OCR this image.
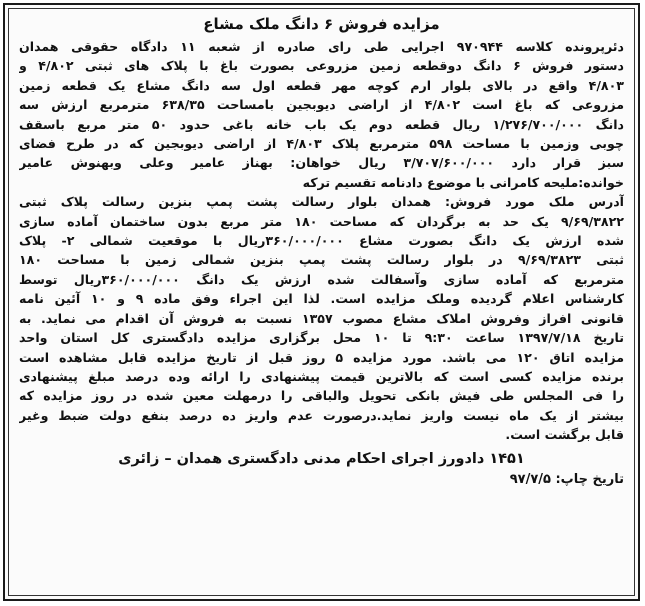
مزایده فروش ۶ دانگ ملک مشاع
دئرپرونده کلاسه ۹۷۰۹۴۴ اجرایی طی رای صادره از شعبه ۱۱ دادگاه حقوقی همدان
دستور فروش ۶ دانگ دوقطعه زمین مزروعی بصورت باغ با پلاک های ثبتی ۴/۸۰۲ و
۴/۸۰۳ واقع در بالای بلوار ارم کوچه مهر قطعه اول سه دانگ مشاع یک قطعه زمین
مزروعی که باغ است ۴/۸۰۲ از اراضی دیوبجین بامساحت ۶۳۸/۳۵ مترمربع ارزش سه
دانگ ۱/۲۷۶/۷۰۰/۰۰۰ ریال قطعه دوم یک باب خانه باغی حدود ۵۰ متر مربع باسقف
چوبی وزمین با مساحت ۵۹۸ مترمربع پلاک ۴/۸۰۳ از اراضی دیوبجین که در طرح فضای
سبز قرار دارد ۳/۷۰۷/۶۰۰/۰۰۰ ریال خواهان: بهناز عامیر وعلی وبهنوش عامیر
خوانده:ملیحه کامرانی با موضوع دادنامه تقسیم ترکه
آدرس ملک مورد فروش: همدان بلوار رسالت پشت پمپ بنزین رسالت پلاک ثبتی
۹/۶۹/۳۸۲۲ یک حد به برگردان که مساحت ۱۸۰ متر مربع بدون ساختمان آماده سازی
شده ارزش یک دانگ بصورت مشاع ۳۶۰/۰۰۰/۰۰۰ریال با موقعیت شمالی ۲- پلاک
ثبتی ۹/۶۹/۳۸۲۳ در بلوار رسالت پشت پمپ بنزین شمالی زمین با مساحت ۱۸۰
مترمربع که آماده سازی وآسفالت شده ارزش یک دانگ ۳۶۰/۰۰۰/۰۰۰ریال توسط
کارشناس اعلام گردیده وملک مزایده است. لذا این اجراء وفق ماده ۹ و ۱۰ آئین نامه
قانونی افراز وفروش املاک مشاع مصوب ۱۳۵۷ نسبت به فروش آن اقدام می نماید. به
تاریخ ۱۳۹۷/۷/۱۸ ساعت ۹:۳۰ تا ۱۰ محل برگزاری مزایده دادگستری کل استان واحد
مزایده اتاق ۱۲۰ می باشد. مورد مزایده ۵ روز قبل از تاریخ مزایده قابل مشاهده است
برنده مزایده کسی است که بالاترین قیمت پیشنهادی را ارائه وده درصد مبلغ پیشنهادی
را فی المجلس طی فیش بانکی تحویل والباقی را درمهلت معین شده در روز مزایده که
بیشتر از یک ماه نیست واریز نماید.درصورت عدم واریز ده درصد بنفع دولت ضبط وغیر
قابل برگشت است.
۱۴۵۱ دادورز اجرای احکام مدنی دادگستری همدان – زائری
تاریخ چاپ: ۹۷/۷/۵
